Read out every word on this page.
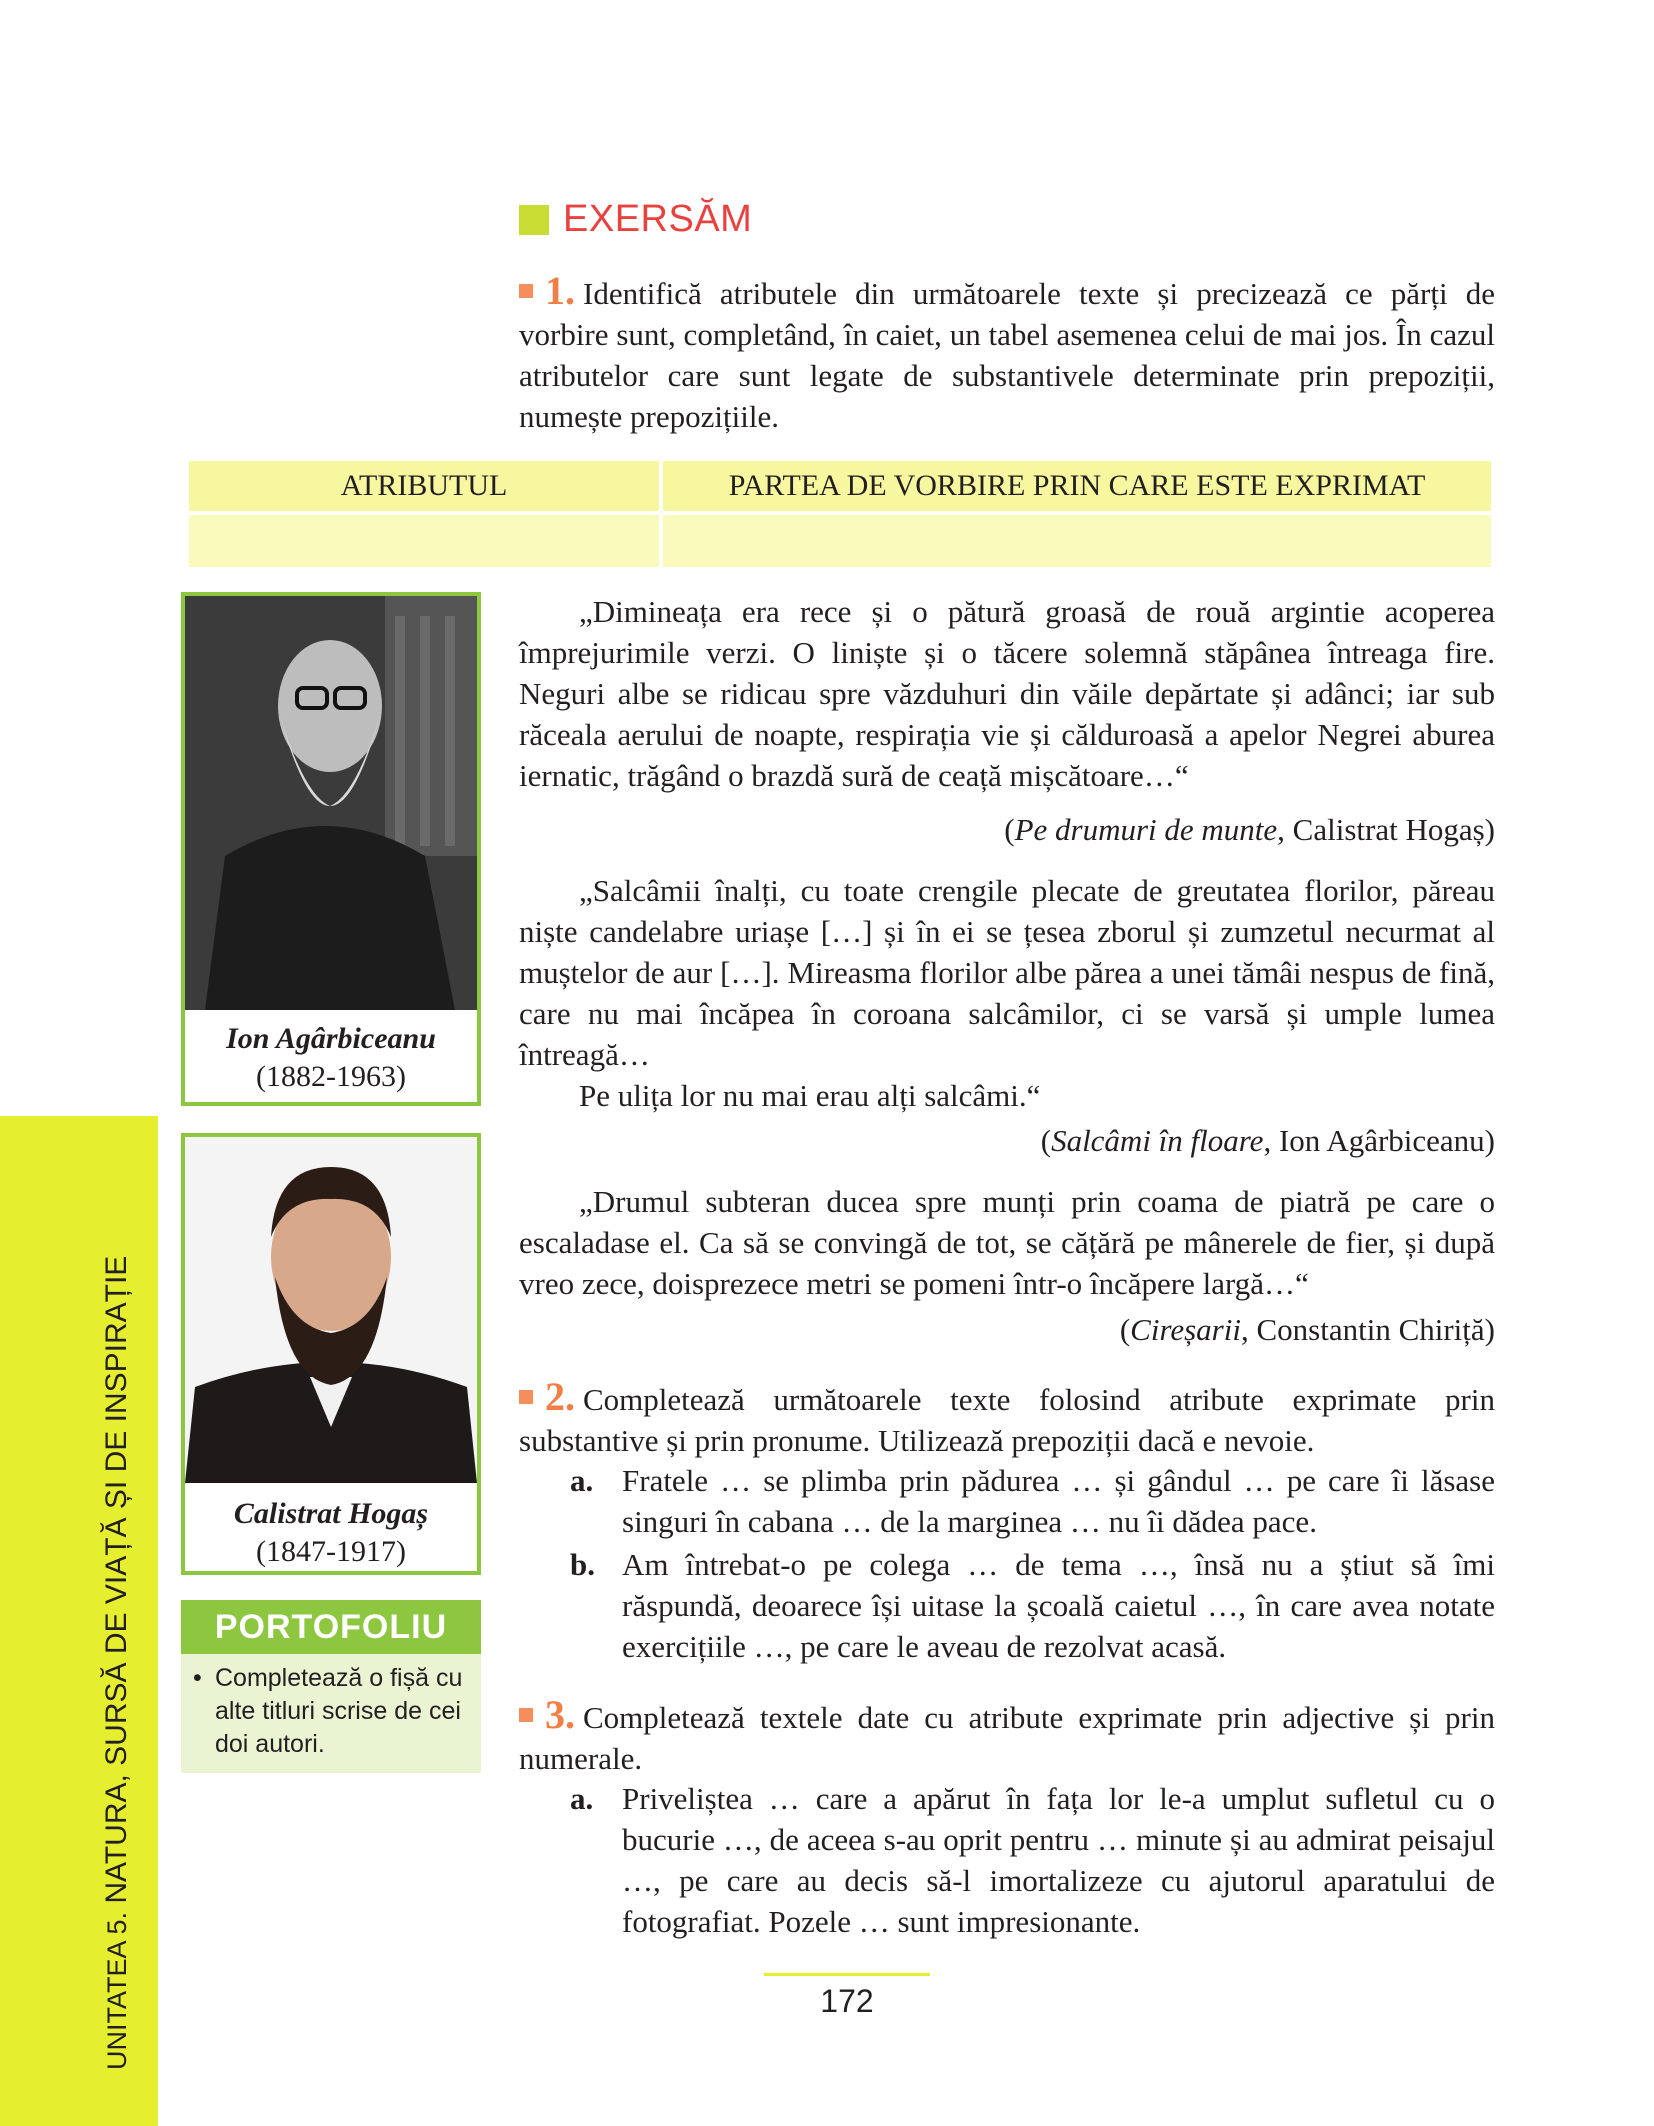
UNITATEA 5. NATURA, SURSĂ DE VIAȚĂ ȘI DE INSPIRAȚIE
EXERSĂM
1. Identifică atributele din următoarele texte și precizează ce părți de vorbire sunt, completând, în caiet, un tabel asemenea celui de mai jos. În cazul atributelor care sunt legate de substantivele determinate prin prepoziții, numește prepozițiile.
ATRIBUTUL	PARTEA DE VORBIRE PRIN CARE ESTE EXPRIMAT

Ion Agârbiceanu
(1882-1963)
Calistrat Hogaș
(1847-1917)
PORTOFOLIU
• Completează o fișă cu alte titluri scrise de cei doi autori.
„Dimineața era rece și o pătură groasă de rouă argintie acoperea împrejurimile verzi. O liniște și o tăcere solemnă stăpânea întreaga fire. Neguri albe se ridicau spre văzduhuri din văile depărtate și adânci; iar sub răceala aerului de noapte, respirația vie și călduroasă a apelor Negrei aburea iernatic, trăgând o brazdă sură de ceață mișcătoare…“
(Pe drumuri de munte, Calistrat Hogaș)
„Salcâmii înalți, cu toate crengile plecate de greutatea florilor, păreau niște candelabre uriașe […] și în ei se țesea zborul și zumzetul necurmat al muștelor de aur […]. Mireasma florilor albe părea a unei tămâi nespus de fină, care nu mai încăpea în coroana salcâmilor, ci se varsă și umple lumea întreagă…
Pe ulița lor nu mai erau alți salcâmi.“
(Salcâmi în floare, Ion Agârbiceanu)
„Drumul subteran ducea spre munți prin coama de piatră pe care o escaladase el. Ca să se convingă de tot, se cățără pe mânerele de fier, și după vreo zece, doisprezece metri se pomeni într-o încăpere largă…“
(Cireșarii, Constantin Chiriță)
2. Completează următoarele texte folosind atribute exprimate prin substantive și prin pronume. Utilizează prepoziții dacă e nevoie.
a. Fratele … se plimba prin pădurea … și gândul … pe care îi lăsase singuri în cabana … de la marginea … nu îi dădea pace.
b. Am întrebat-o pe colega … de tema …, însă nu a știut să îmi răspundă, deoarece își uitase la școală caietul …, în care avea notate exercițiile …, pe care le aveau de rezolvat acasă.
3. Completează textele date cu atribute exprimate prin adjective și prin numerale.
a. Priveliștea … care a apărut în fața lor le-a umplut sufletul cu o bucurie …, de aceea s-au oprit pentru … minute și au admirat peisajul …, pe care au decis să-l imortalizeze cu ajutorul aparatului de fotografiat. Pozele … sunt impresionante.
172
